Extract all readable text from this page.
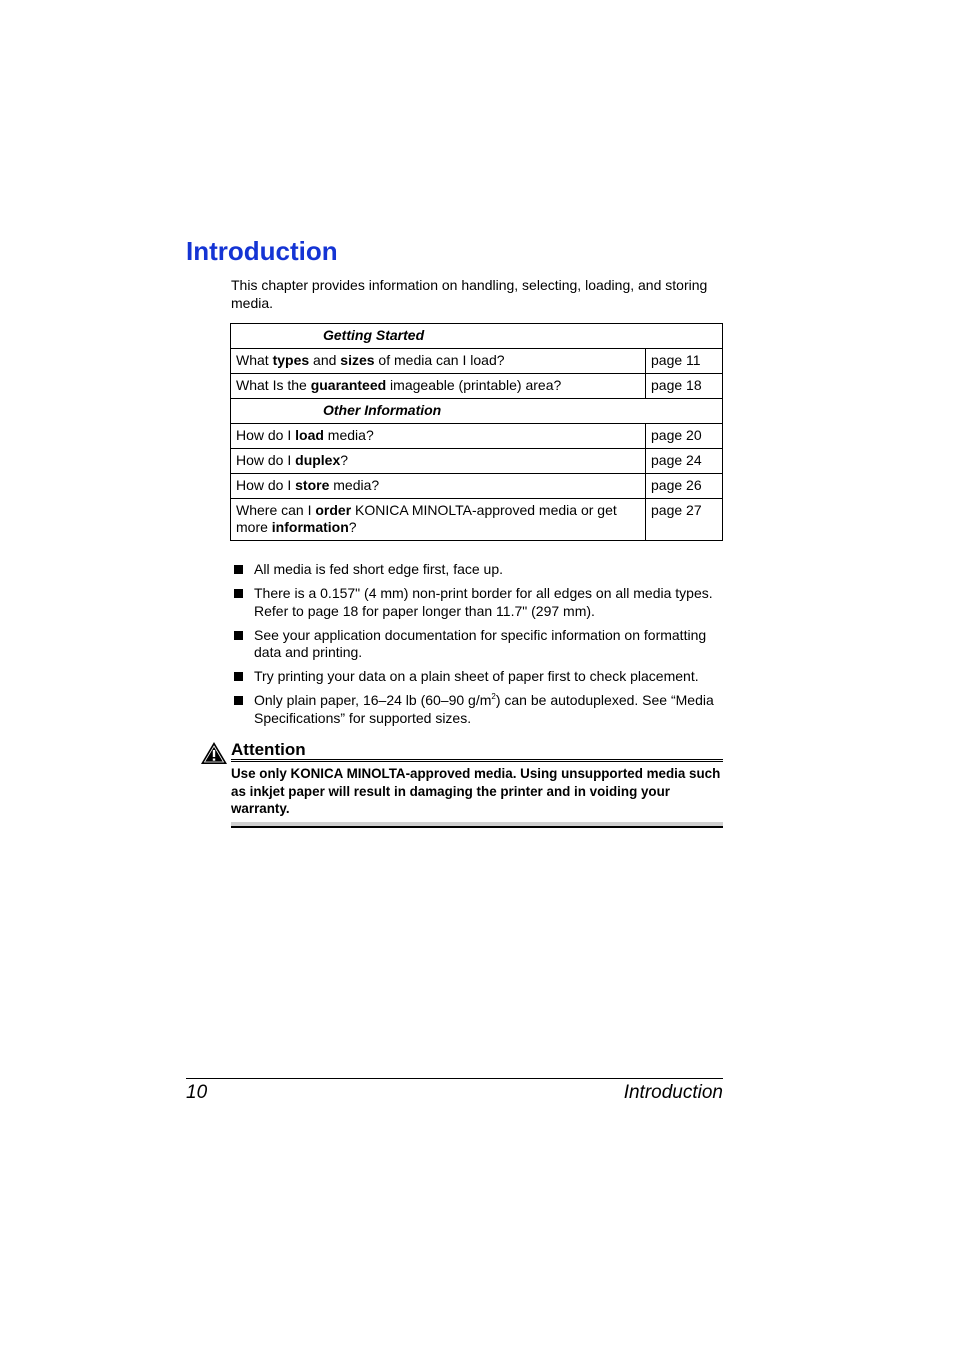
Introduction

This chapter provides information on handling, selecting, loading, and storing media.

Getting Started	
What types and sizes of media can I load?	page 11
What Is the guaranteed imageable (printable) area?	page 18
Other Information	
How do I load media?	page 20
How do I duplex?	page 24
How do I store media?	page 26
Where can I order KONICA MINOLTA-approved media or get more information?	page 27
All media is fed short edge first, face up.
There is a 0.157" (4 mm) non-print border for all edges on all media types. Refer to page 18 for paper longer than 11.7" (297 mm).
See your application documentation for specific information on formatting data and printing.
Try printing your data on a plain sheet of paper first to check placement.
Only plain paper, 16–24 lb (60–90 $g/m^2$) can be autoduplexed. See “Media Specifications” for supported sizes.
Attention

Use only KONICA MINOLTA-approved media. Using unsupported media such as inkjet paper will result in damaging the printer and in voiding your warranty.

10	Introduction
